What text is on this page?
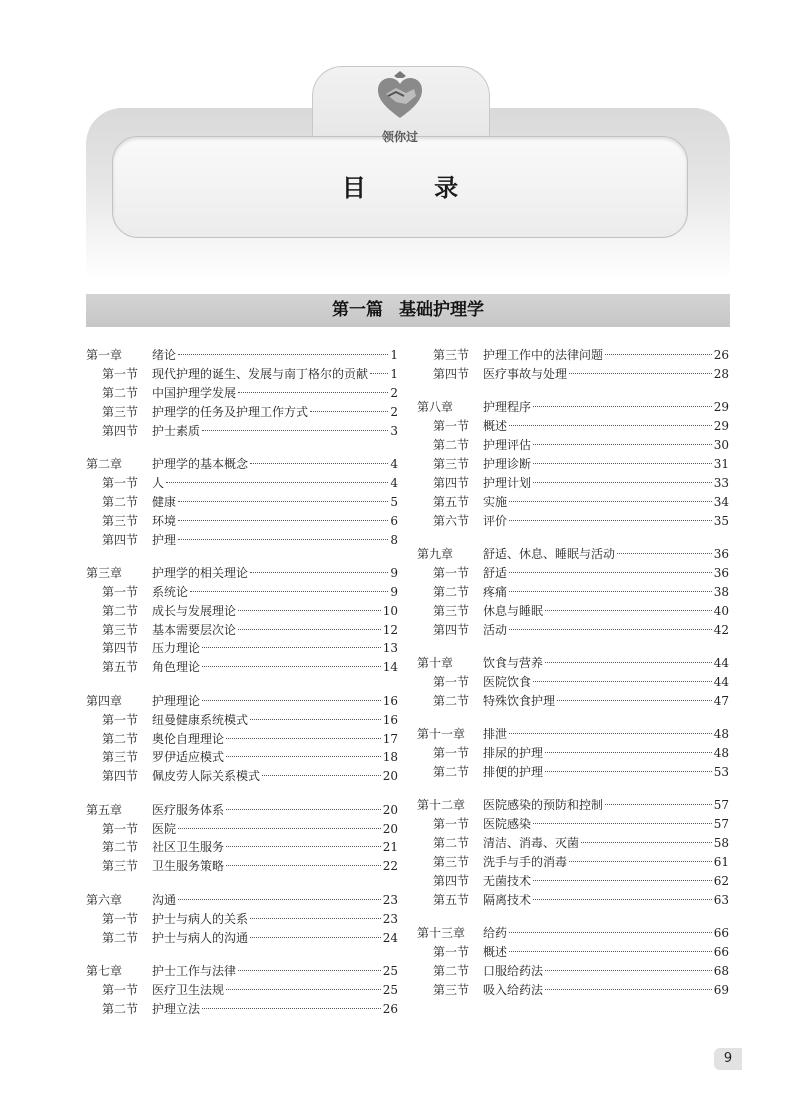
领你过
目 录
第一篇 基础护理学
第一章	绪论	1
第一节	现代护理的诞生、发展与南丁格尔的贡献 1
第二节	中国护理学发展	2
第三节	护理学的任务及护理工作方式	2
第四节	护士素质	3
第二章	护理学的基本概念	4
第一节	人	4
第二节	健康	5
第三节	环境	6
第四节	护理	8
第三章	护理学的相关理论	9
第一节	系统论	9
第二节	成长与发展理论	10
第三节	基本需要层次论	12
第四节	压力理论	13
第五节	角色理论	14
第四章	护理理论	16
第一节	纽曼健康系统模式	16
第二节	奥伦自理理论	17
第三节	罗伊适应模式	18
第四节	佩皮劳人际关系模式	20
第五章	医疗服务体系	20
第一节	医院	20
第二节	社区卫生服务	21
第三节	卫生服务策略	22
第六章	沟通	23
第一节	护士与病人的关系	23
第二节	护士与病人的沟通	24
第七章	护士工作与法律	25
第一节	医疗卫生法规	25
第二节	护理立法	26
第三节	护理工作中的法律问题	26
第四节	医疗事故与处理	28
第八章	护理程序	29
第一节	概述	29
第二节	护理评估	30
第三节	护理诊断	31
第四节	护理计划	33
第五节	实施	34
第六节	评价	35
第九章	舒适、休息、睡眠与活动	36
第一节	舒适	36
第二节	疼痛	38
第三节	休息与睡眠	40
第四节	活动	42
第十章	饮食与营养	44
第一节	医院饮食	44
第二节	特殊饮食护理	47
第十一章	排泄	48
第一节	排尿的护理	48
第二节	排便的护理	53
第十二章	医院感染的预防和控制	57
第一节	医院感染	57
第二节	清洁、消毒、灭菌	58
第三节	洗手与手的消毒	61
第四节	无菌技术	62
第五节	隔离技术	63
第十三章	给药	66
第一节	概述	66
第二节	口服给药法	68
第三节	吸入给药法	69
9
